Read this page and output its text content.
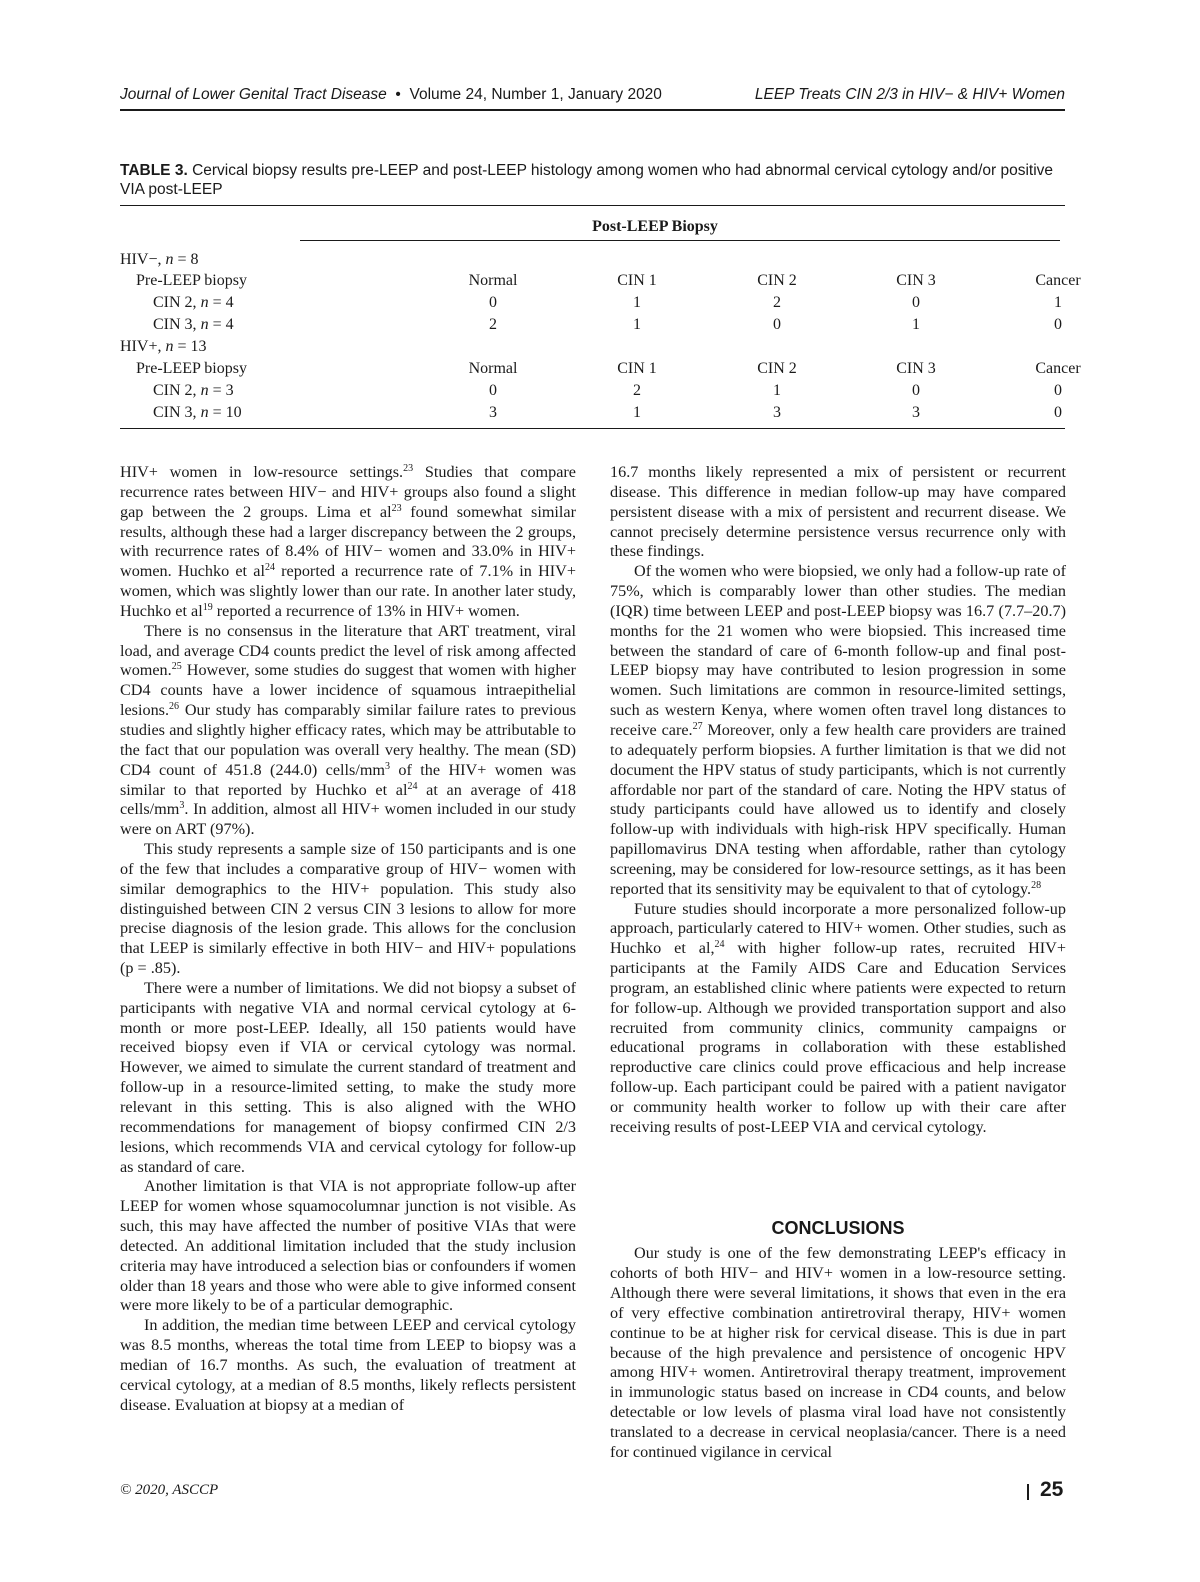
Journal of Lower Genital Tract Disease • Volume 24, Number 1, January 2020	LEEP Treats CIN 2/3 in HIV− & HIV+ Women
TABLE 3. Cervical biopsy results pre-LEEP and post-LEEP histology among women who had abnormal cervical cytology and/or positive VIA post-LEEP
Post-LEEP Biopsy
HIV−, n = 8
Pre-LEEP biopsy	Normal	CIN 1	CIN 2	CIN 3	Cancer
CIN 2, n = 4	0	1	2	0	1
CIN 3, n = 4	2	1	0	1	0
HIV+, n = 13
Pre-LEEP biopsy	Normal	CIN 1	CIN 2	CIN 3	Cancer
CIN 2, n = 3	0	2	1	0	0
CIN 3, n = 10	3	1	3	3	0

HIV+ women in low-resource settings.$^{23}$ Studies that compare recurrence rates between HIV− and HIV+ groups also found a slight gap between the 2 groups. Lima et $al^{23}$ found somewhat similar results, although these had a larger discrepancy between the 2 groups, with recurrence rates of 8.4% of HIV− women and 33.0% in HIV+ women. Huchko et $al^{24}$ reported a recurrence rate of 7.1% in HIV+ women, which was slightly lower than our rate. In another later study, Huchko et $al^{19}$ reported a recurrence of 13% in HIV+ women.

There is no consensus in the literature that ART treatment, viral load, and average CD4 counts predict the level of risk among affected women.$^{25}$ However, some studies do suggest that women with higher CD4 counts have a lower incidence of squamous intraepithelial lesions.$^{26}$ Our study has comparably similar failure rates to previous studies and slightly higher efficacy rates, which may be attributable to the fact that our population was overall very healthy. The mean (SD) CD4 count of 451.8 (244.0) cells/$mm^3$ of the HIV+ women was similar to that reported by Huchko et $al^{24}$ at an average of 418 cells/$mm^3$. In addition, almost all HIV+ women included in our study were on ART (97%).

This study represents a sample size of 150 participants and is one of the few that includes a comparative group of HIV− women with similar demographics to the HIV+ population. This study also distinguished between CIN 2 versus CIN 3 lesions to allow for more precise diagnosis of the lesion grade. This allows for the conclusion that LEEP is similarly effective in both HIV− and HIV+ populations (p = .85).

There were a number of limitations. We did not biopsy a subset of participants with negative VIA and normal cervical cytology at 6-month or more post-LEEP. Ideally, all 150 patients would have received biopsy even if VIA or cervical cytology was normal. However, we aimed to simulate the current standard of treatment and follow-up in a resource-limited setting, to make the study more relevant in this setting. This is also aligned with the WHO recommendations for management of biopsy confirmed CIN 2/3 lesions, which recommends VIA and cervical cytology for follow-up as standard of care.

Another limitation is that VIA is not appropriate follow-up after LEEP for women whose squamocolumnar junction is not visible. As such, this may have affected the number of positive VIAs that were detected. An additional limitation included that the study inclusion criteria may have introduced a selection bias or confounders if women older than 18 years and those who were able to give informed consent were more likely to be of a particular demographic.

In addition, the median time between LEEP and cervical cytology was 8.5 months, whereas the total time from LEEP to biopsy was a median of 16.7 months. As such, the evaluation of treatment at cervical cytology, at a median of 8.5 months, likely reflects persistent disease. Evaluation at biopsy at a median of

16.7 months likely represented a mix of persistent or recurrent disease. This difference in median follow-up may have compared persistent disease with a mix of persistent and recurrent disease. We cannot precisely determine persistence versus recurrence only with these findings.

Of the women who were biopsied, we only had a follow-up rate of 75%, which is comparably lower than other studies. The median (IQR) time between LEEP and post-LEEP biopsy was 16.7 (7.7–20.7) months for the 21 women who were biopsied. This increased time between the standard of care of 6-month follow-up and final post-LEEP biopsy may have contributed to lesion progression in some women. Such limitations are common in resource-limited settings, such as western Kenya, where women often travel long distances to receive care.$^{27}$ Moreover, only a few health care providers are trained to adequately perform biopsies. A further limitation is that we did not document the HPV status of study participants, which is not currently affordable nor part of the standard of care. Noting the HPV status of study participants could have allowed us to identify and closely follow-up with individuals with high-risk HPV specifically. Human papillomavirus DNA testing when affordable, rather than cytology screening, may be considered for low-resource settings, as it has been reported that its sensitivity may be equivalent to that of cytology.$^{28}$

Future studies should incorporate a more personalized follow-up approach, particularly catered to HIV+ women. Other studies, such as Huchko et al,$^{24}$ with higher follow-up rates, recruited HIV+ participants at the Family AIDS Care and Education Services program, an established clinic where patients were expected to return for follow-up. Although we provided transportation support and also recruited from community clinics, community campaigns or educational programs in collaboration with these established reproductive care clinics could prove efficacious and help increase follow-up. Each participant could be paired with a patient navigator or community health worker to follow up with their care after receiving results of post-LEEP VIA and cervical cytology.

CONCLUSIONS

Our study is one of the few demonstrating LEEP's efficacy in cohorts of both HIV− and HIV+ women in a low-resource setting. Although there were several limitations, it shows that even in the era of very effective combination antiretroviral therapy, HIV+ women continue to be at higher risk for cervical disease. This is due in part because of the high prevalence and persistence of oncogenic HPV among HIV+ women. Antiretroviral therapy treatment, improvement in immunologic status based on increase in CD4 counts, and below detectable or low levels of plasma viral load have not consistently translated to a decrease in cervical neoplasia/cancer. There is a need for continued vigilance in cervical

© 2020, ASCCP	25
